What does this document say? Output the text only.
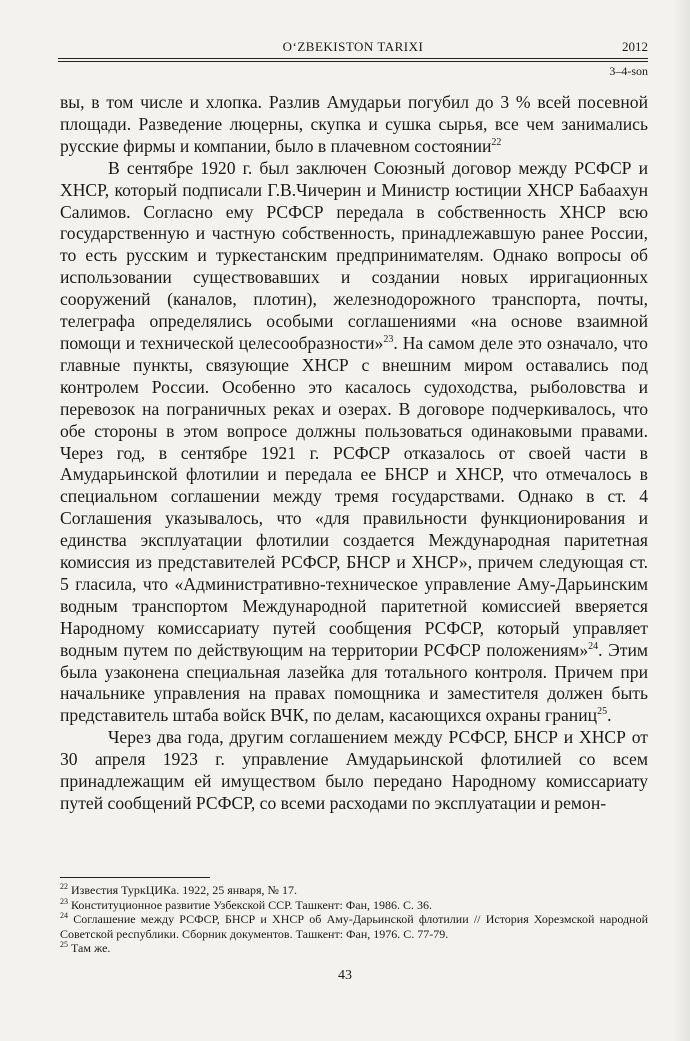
O‘ZBEKISTON TARIXI	2012
3–4-son

вы, в том числе и хлопка. Разлив Амударьи погубил до 3 % всей посевной площади. Разведение люцерны, скупка и сушка сырья, все чем занимались русские фирмы и компании, было в плачевном состоянии$^{22}$

В сентябре 1920 г. был заключен Союзный договор между РСФСР и ХНСР, который подписали Г.В.Чичерин и Министр юстиции ХНСР Бабаахун Салимов. Согласно ему РСФСР передала в собственность ХНСР всю государственную и частную собственность, принадлежавшую ранее России, то есть русским и туркестанским предпринимателям. Однако вопросы об использовании существовавших и создании новых ирригационных сооружений (каналов, плотин), железнодорожного транспорта, почты, телеграфа определялись особыми соглашениями «на основе взаимной помощи и технической целесообразности»$^{23}$. На самом деле это означало, что главные пункты, связующие ХНСР с внешним миром оставались под контролем России. Особенно это касалось судоходства, рыболовства и перевозок на пограничных реках и озерах. В договоре подчеркивалось, что обе стороны в этом вопросе должны пользоваться одинаковыми правами. Через год, в сентябре 1921 г. РСФСР отказалось от своей части в Амударьинской флотилии и передала ее БНСР и ХНСР, что отмечалось в специальном соглашении между тремя государствами. Однако в ст. 4 Соглашения указывалось, что «для правильности функционирования и единства эксплуатации флотилии создается Международная паритетная комиссия из представителей РСФСР, БНСР и ХНСР», причем следующая ст. 5 гласила, что «Административно-техническое управление Аму-Дарьинским водным транспортом Международной паритетной комиссией вверяется Народному комиссариату путей сообщения РСФСР, который управляет водным путем по действующим на территории РСФСР положениям»$^{24}$. Этим была узаконена специальная лазейка для тотального контроля. Причем при начальнике управления на правах помощника и заместителя должен быть представитель штаба войск ВЧК, по делам, касающихся охраны границ$^{25}$.

Через два года, другим соглашением между РСФСР, БНСР и ХНСР от 30 апреля 1923 г. управление Амударьинской флотилией со всем принадлежащим ей имуществом было передано Народному комиссариату путей сообщений РСФСР, со всеми расходами по эксплуатации и ремон-

$^{22}$ Известия ТуркЦИКа. 1922, 25 января, № 17.

$^{23}$ Конституционное развитие Узбекской ССР. Ташкент: Фан, 1986. С. 36.

$^{24}$ Соглашение между РСФСР, БНСР и ХНСР об Аму-Дарьинской флотилии // История Хорезмской народной Советской республики. Сборник документов. Ташкент: Фан, 1976. С. 77-79.

$^{25}$ Там же.

43
